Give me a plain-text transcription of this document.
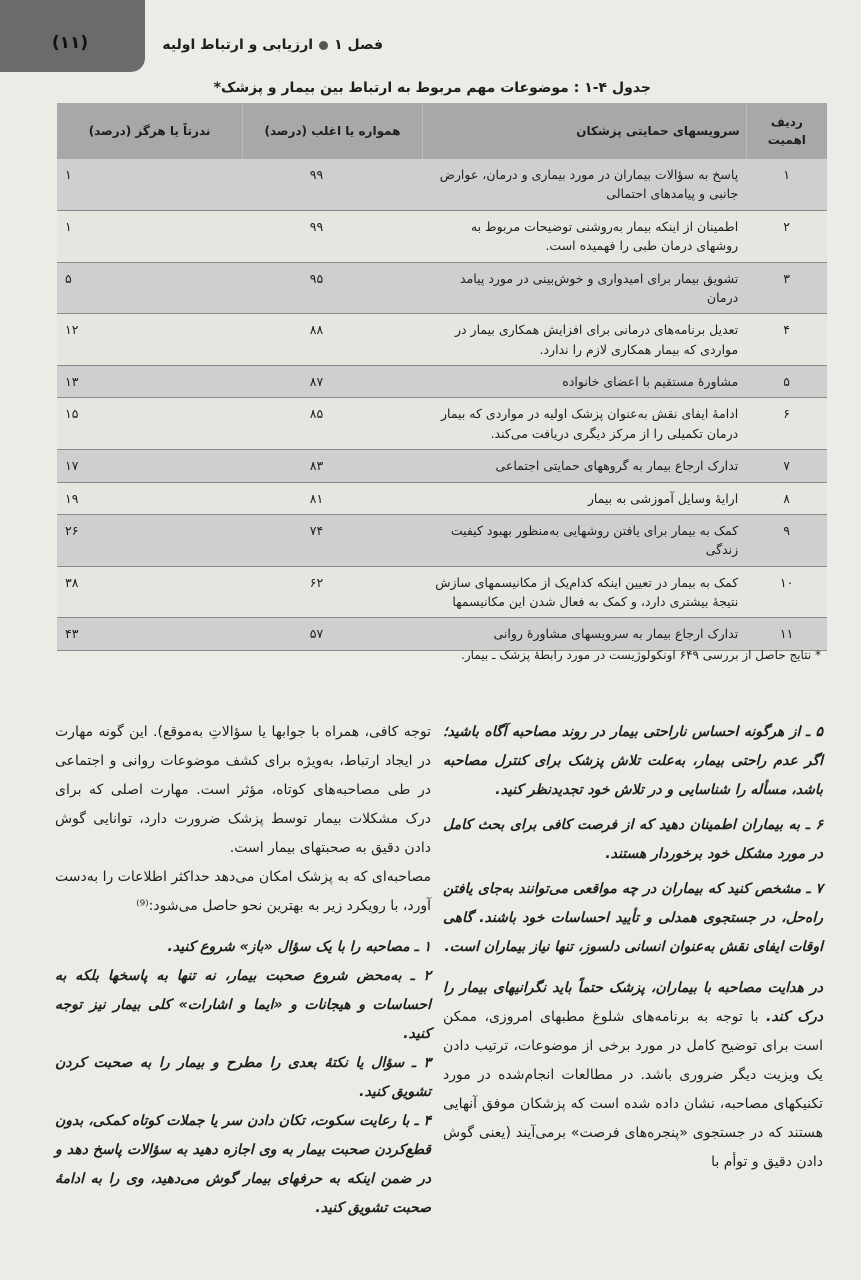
(۱۱)	فصل ۱
ارزیابی و ارتباط اولیه
جدول ۴-۱ : موضوعات مهم مربوط به ارتباط بین بیمار و پزشک*
ردیف اهمیت	سرویسهای حمایتی پزشکان	همواره یا اغلب (درصد)	ندرتاً یا هرگز (درصد)
۱	پاسخ به سؤالات بیماران در مورد بیماری و درمان، عوارض جانبی و پیامدهای احتمالی	۹۹	۱
۲	اطمینان از اینکه بیمار به‌روشنی توضیحات مربوط به روشهای درمان طبی را فهمیده است.	۹۹	۱
۳	تشویق بیمار برای امیدواری و خوش‌بینی در مورد پیامد درمان	۹۵	۵
۴	تعدیل برنامه‌های درمانی برای افزایش همکاری بیمار در مواردی که بیمار همکاری لازم را ندارد.	۸۸	۱۲
۵	مشاورهٔ مستقیم با اعضای خانواده	۸۷	۱۳
۶	ادامهٔ ایفای نقش به‌عنوان پزشک اولیه در مواردی که بیمار درمان تکمیلی را از مرکز دیگری دریافت می‌کند.	۸۵	۱۵
۷	تدارک ارجاع بیمار به گروههای حمایتی اجتماعی	۸۳	۱۷
۸	ارایهٔ وسایل آموزشی به بیمار	۸۱	۱۹
۹	کمک به بیمار برای یافتن روشهایی به‌منظور بهبود کیفیت زندگی	۷۴	۲۶
۱۰	کمک به بیمار در تعیین اینکه کدام‌یک از مکانیسمهای سازش نتیجهٔ بیشتری دارد، و کمک به فعال شدن این مکانیسمها	۶۲	۳۸
۱۱	تدارک ارجاع بیمار به سرویسهای مشاورهٔ روانی	۵۷	۴۳
* نتایج حاصل از بررسی ۶۴۹ اونکولوژیست در مورد رابطهٔ پزشک ـ بیمار.

۵ ـ از هرگونه احساس ناراحتی بیمار در روند مصاحبه آگاه باشید؛ اگر عدم راحتی بیمار، به‌علت تلاش پزشک برای کنترل مصاحبه باشد، مسأله را شناسایی و در تلاش خود تجدیدنظر کنید.

۶ ـ به بیماران اطمینان دهید که از فرصت کافی برای بحث کامل در مورد مشکل خود برخوردار هستند.

۷ ـ مشخص کنید که بیماران در چه مواقعی می‌توانند به‌جای یافتن راه‌حل، در جستجوی همدلی و تأیید احساسات خود باشند. گاهی اوقات ایفای نقش به‌عنوان انسانی دلسوز، تنها نیاز بیماران است.

در هدایت مصاحبه با بیماران، پزشک حتماً باید نگرانیهای بیمار را درک کند. با توجه به برنامه‌های شلوغ مطبهای امروزی، ممکن است برای توضیح کامل در مورد برخی از موضوعات، ترتیب دادن یک ویزیت دیگر ضروری باشد. در مطالعات انجام‌شده در مورد تکنیکهای مصاحبه، نشان داده شده است که پزشکان موفق آنهایی هستند که در جستجوی «پنجره‌های فرصت» برمی‌آیند (یعنی گوش دادن دقیق و توأم با

توجه کافی، همراه با جوابها یا سؤالاتِ به‌موقع). این گونه مهارت در ایجاد ارتباط، به‌ویژه برای کشف موضوعات روانی و اجتماعی در طی مصاحبه‌های کوتاه، مؤثر است. مهارت اصلی که برای درک مشکلات بیمار توسط پزشک ضرورت دارد، توانایی گوش دادن دقیق به صحبتهای بیمار است.

مصاحبه‌ای که به پزشک امکان می‌دهد حداکثر اطلاعات را به‌دست آورد، با رویکرد زیر به بهترین نحو حاصل می‌شود:⁽⁹⁾

۱ ـ مصاحبه را با یک سؤال «باز» شروع کنید.

۲ ـ به‌محض شروع صحبت بیمار، نه تنها به پاسخها بلکه به احساسات و هیجانات و «ایما و اشارات» کلی بیمار نیز توجه کنید.

۳ ـ سؤال یا نکتهٔ بعدی را مطرح و بیمار را به صحبت کردن تشویق کنید.

۴ ـ با رعایت سکوت، تکان دادن سر یا جملات کوتاه کمکی، بدون قطع‌کردن صحبت بیمار به وی اجازه دهید به سؤالات پاسخ دهد و در ضمن اینکه به حرفهای بیمار گوش می‌دهید، وی را به ادامهٔ صحبت تشویق کنید.
